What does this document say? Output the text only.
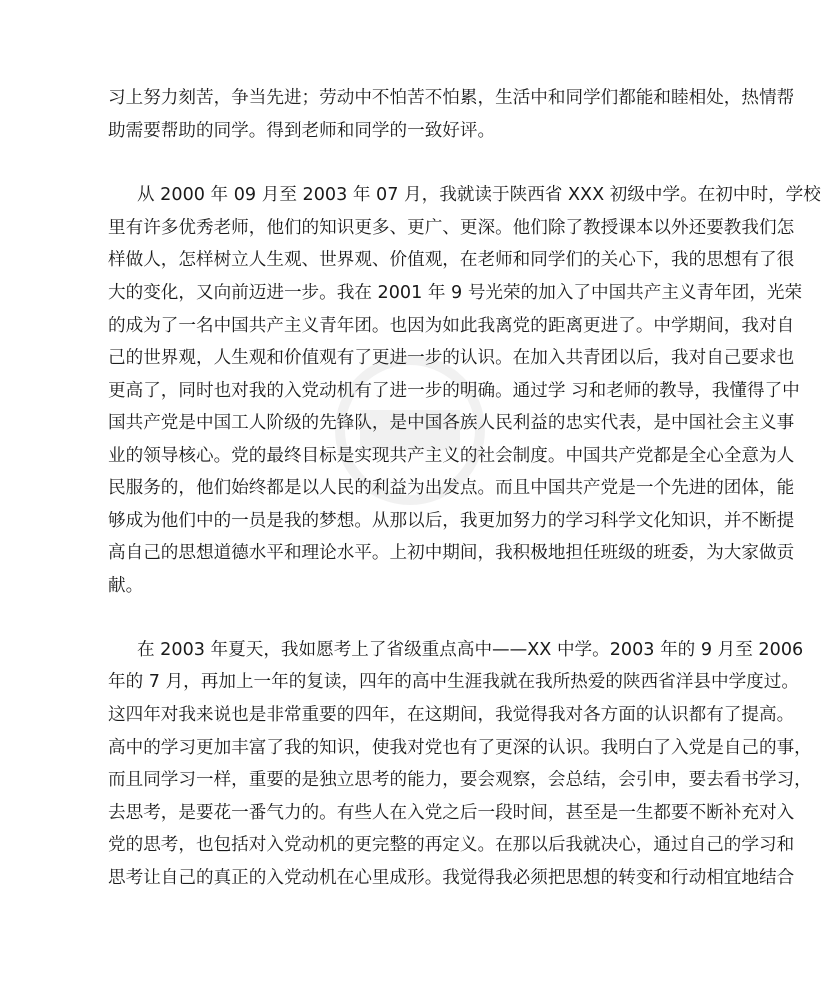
习上努力刻苦，争当先进；劳动中不怕苦不怕累，生活中和同学们都能和睦相处，热情帮
助需要帮助的同学。得到老师和同学的一致好评。
从 2000 年 09 月至 2003 年 07 月，我就读于陕西省 XXX 初级中学。在初中时，学校
里有许多优秀老师，他们的知识更多、更广、更深。他们除了教授课本以外还要教我们怎
样做人，怎样树立人生观、世界观、价值观，在老师和同学们的关心下，我的思想有了很
大的变化，又向前迈进一步。我在 2001 年 9 号光荣的加入了中国共产主义青年团，光荣
的成为了一名中国共产主义青年团。也因为如此我离党的距离更进了。中学期间，我对自
己的世界观，人生观和价值观有了更进一步的认识。在加入共青团以后，我对自己要求也
更高了，同时也对我的入党动机有了进一步的明确。通过学 习和老师的教导，我懂得了中
国共产党是中国工人阶级的先锋队，是中国各族人民利益的忠实代表，是中国社会主义事
业的领导核心。党的最终目标是实现共产主义的社会制度。中国共产党都是全心全意为人
民服务的，他们始终都是以人民的利益为出发点。而且中国共产党是一个先进的团体，能
够成为他们中的一员是我的梦想。从那以后，我更加努力的学习科学文化知识，并不断提
高自己的思想道德水平和理论水平。上初中期间，我积极地担任班级的班委，为大家做贡
献。
在 2003 年夏天，我如愿考上了省级重点高中——XX 中学。2003 年的 9 月至 2006
年的 7 月，再加上一年的复读，四年的高中生涯我就在我所热爱的陕西省洋县中学度过。
这四年对我来说也是非常重要的四年，在这期间，我觉得我对各方面的认识都有了提高。
高中的学习更加丰富了我的知识，使我对党也有了更深的认识。我明白了入党是自己的事，
而且同学习一样，重要的是独立思考的能力，要会观察，会总结，会引申，要去看书学习，
去思考，是要花一番气力的。有些人在入党之后一段时间，甚至是一生都要不断补充对入
党的思考，也包括对入党动机的更完整的再定义。在那以后我就决心，通过自己的学习和
思考让自己的真正的入党动机在心里成形。我觉得我必须把思想的转变和行动相宜地结合
